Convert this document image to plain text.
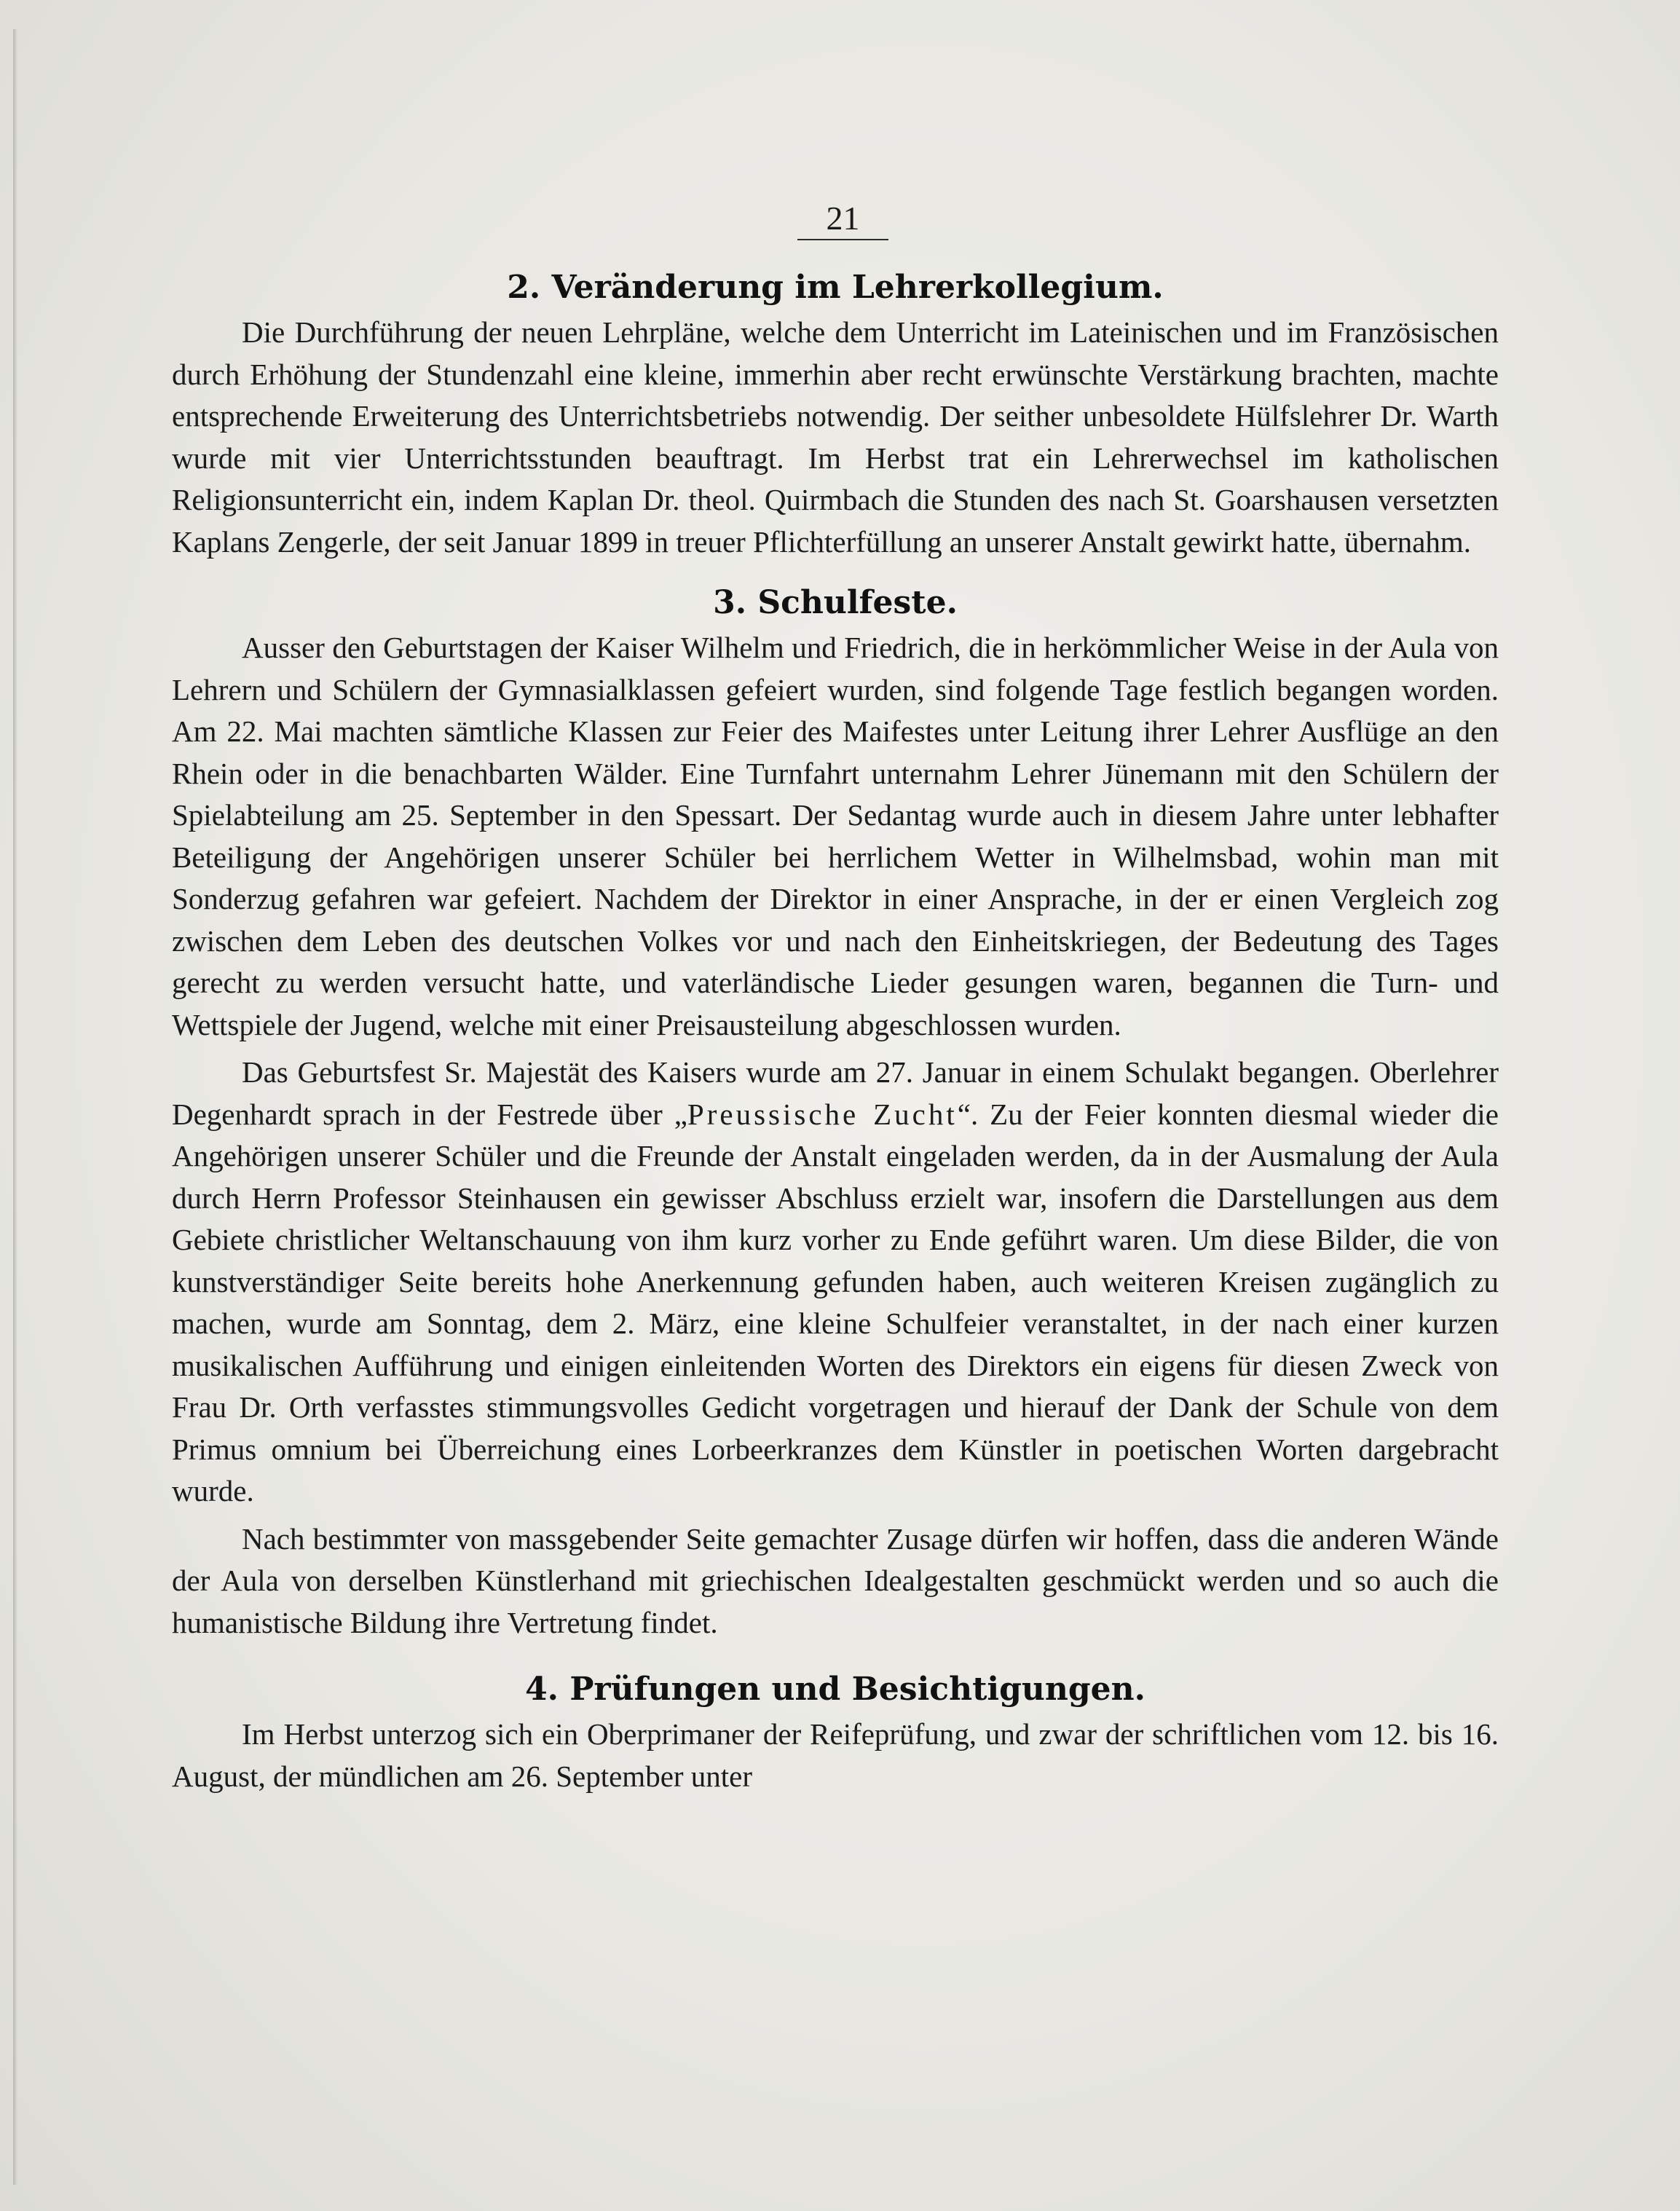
21
2. Veränderung im Lehrerkollegium.

Die Durchführung der neuen Lehrpläne, welche dem Unterricht im Lateinischen und im Französischen durch Erhöhung der Stundenzahl eine kleine, immerhin aber recht erwünschte Verstärkung brachten, machte entsprechende Erweiterung des Unterrichtsbetriebs notwendig. Der seither unbesoldete Hülfslehrer Dr. Warth wurde mit vier Unterrichtsstunden beauftragt. Im Herbst trat ein Lehrerwechsel im katholischen Religionsunterricht ein, indem Kaplan Dr. theol. Quirmbach die Stunden des nach St. Goarshausen versetzten Kaplans Zengerle, der seit Januar 1899 in treuer Pflichterfüllung an unserer Anstalt gewirkt hatte, übernahm.

3. Schulfeste.

Ausser den Geburtstagen der Kaiser Wilhelm und Friedrich, die in herkömmlicher Weise in der Aula von Lehrern und Schülern der Gymnasialklassen gefeiert wurden, sind folgende Tage festlich begangen worden. Am 22. Mai machten sämtliche Klassen zur Feier des Maifestes unter Leitung ihrer Lehrer Ausflüge an den Rhein oder in die benachbarten Wälder. Eine Turnfahrt unternahm Lehrer Jünemann mit den Schülern der Spielabteilung am 25. September in den Spessart. Der Sedantag wurde auch in diesem Jahre unter lebhafter Beteiligung der Angehörigen unserer Schüler bei herrlichem Wetter in Wilhelmsbad, wohin man mit Sonderzug gefahren war gefeiert. Nachdem der Direktor in einer Ansprache, in der er einen Vergleich zog zwischen dem Leben des deutschen Volkes vor und nach den Einheitskriegen, der Bedeutung des Tages gerecht zu werden versucht hatte, und vaterländische Lieder gesungen waren, begannen die Turn- und Wettspiele der Jugend, welche mit einer Preisausteilung abgeschlossen wurden.

Das Geburtsfest Sr. Majestät des Kaisers wurde am 27. Januar in einem Schulakt begangen. Oberlehrer Degenhardt sprach in der Festrede über „Preussische Zucht“. Zu der Feier konnten diesmal wieder die Angehörigen unserer Schüler und die Freunde der Anstalt eingeladen werden, da in der Ausmalung der Aula durch Herrn Professor Steinhausen ein gewisser Abschluss erzielt war, insofern die Darstellungen aus dem Gebiete christlicher Weltanschauung von ihm kurz vorher zu Ende geführt waren. Um diese Bilder, die von kunstverständiger Seite bereits hohe Anerkennung gefunden haben, auch weiteren Kreisen zugänglich zu machen, wurde am Sonntag, dem 2. März, eine kleine Schulfeier veranstaltet, in der nach einer kurzen musikalischen Aufführung und einigen einleitenden Worten des Direktors ein eigens für diesen Zweck von Frau Dr. Orth verfasstes stimmungsvolles Gedicht vorgetragen und hierauf der Dank der Schule von dem Primus omnium bei Überreichung eines Lorbeerkranzes dem Künstler in poetischen Worten dargebracht wurde.

Nach bestimmter von massgebender Seite gemachter Zusage dürfen wir hoffen, dass die anderen Wände der Aula von derselben Künstlerhand mit griechischen Idealgestalten geschmückt werden und so auch die humanistische Bildung ihre Vertretung findet.

4. Prüfungen und Besichtigungen.

Im Herbst unterzog sich ein Oberprimaner der Reifeprüfung, und zwar der schriftlichen vom 12. bis 16. August, der mündlichen am 26. September unter
